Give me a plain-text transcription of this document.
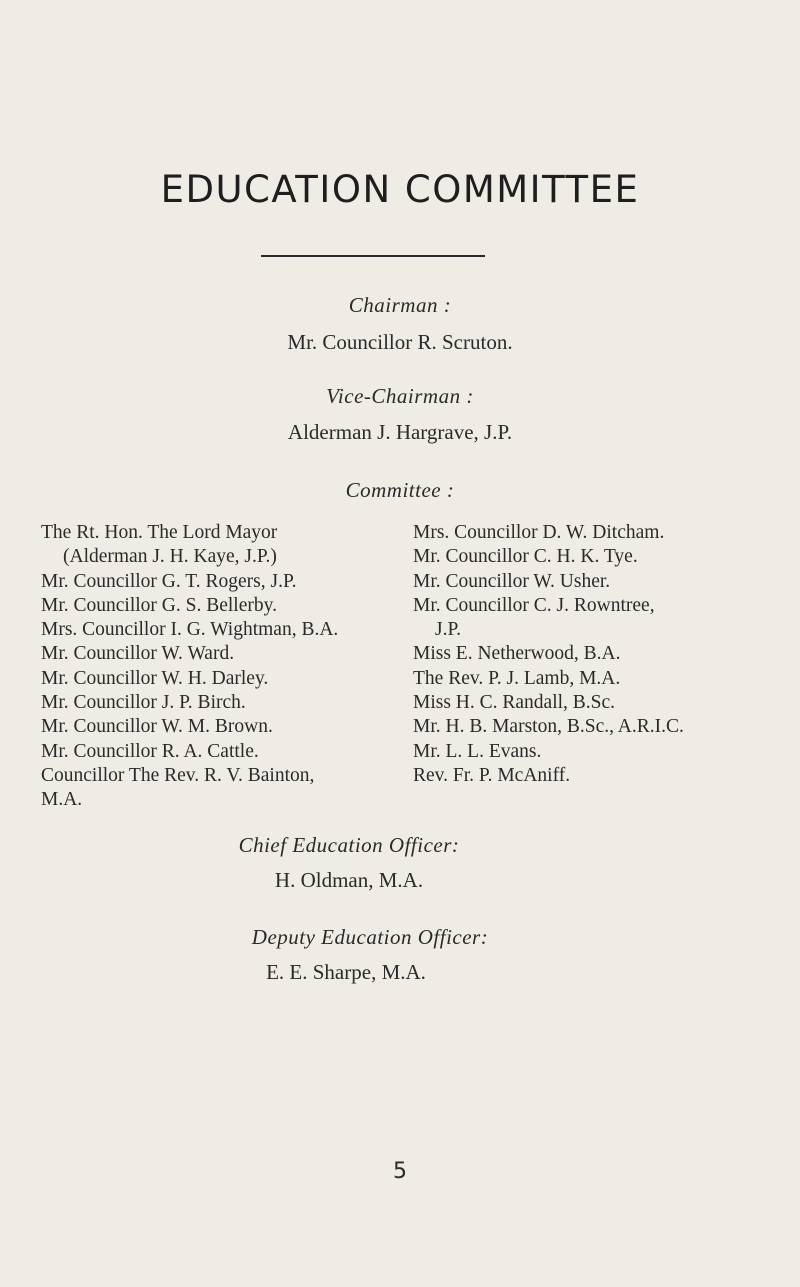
EDUCATION COMMITTEE
Chairman :
Mr. Councillor R. Scruton.
Vice-Chairman :
Alderman J. Hargrave, J.P.
Committee :
The Rt. Hon. The Lord Mayor
(Alderman J. H. Kaye, J.P.)
Mr. Councillor G. T. Rogers, J.P.
Mr. Councillor G. S. Bellerby.
Mrs. Councillor I. G. Wightman, B.A.
Mr. Councillor W. Ward.
Mr. Councillor W. H. Darley.
Mr. Councillor J. P. Birch.
Mr. Councillor W. M. Brown.
Mr. Councillor R. A. Cattle.
Councillor The Rev. R. V. Bainton,
M.A.
Mrs. Councillor D. W. Ditcham.
Mr. Councillor C. H. K. Tye.
Mr. Councillor W. Usher.
Mr. Councillor C. J. Rowntree,
J.P.
Miss E. Netherwood, B.A.
The Rev. P. J. Lamb, M.A.
Miss H. C. Randall, B.Sc.
Mr. H. B. Marston, B.Sc., A.R.I.C.
Mr. L. L. Evans.
Rev. Fr. P. McAniff.
Chief Education Officer:
H. Oldman, M.A.
Deputy Education Officer:
E. E. Sharpe, M.A.
5
